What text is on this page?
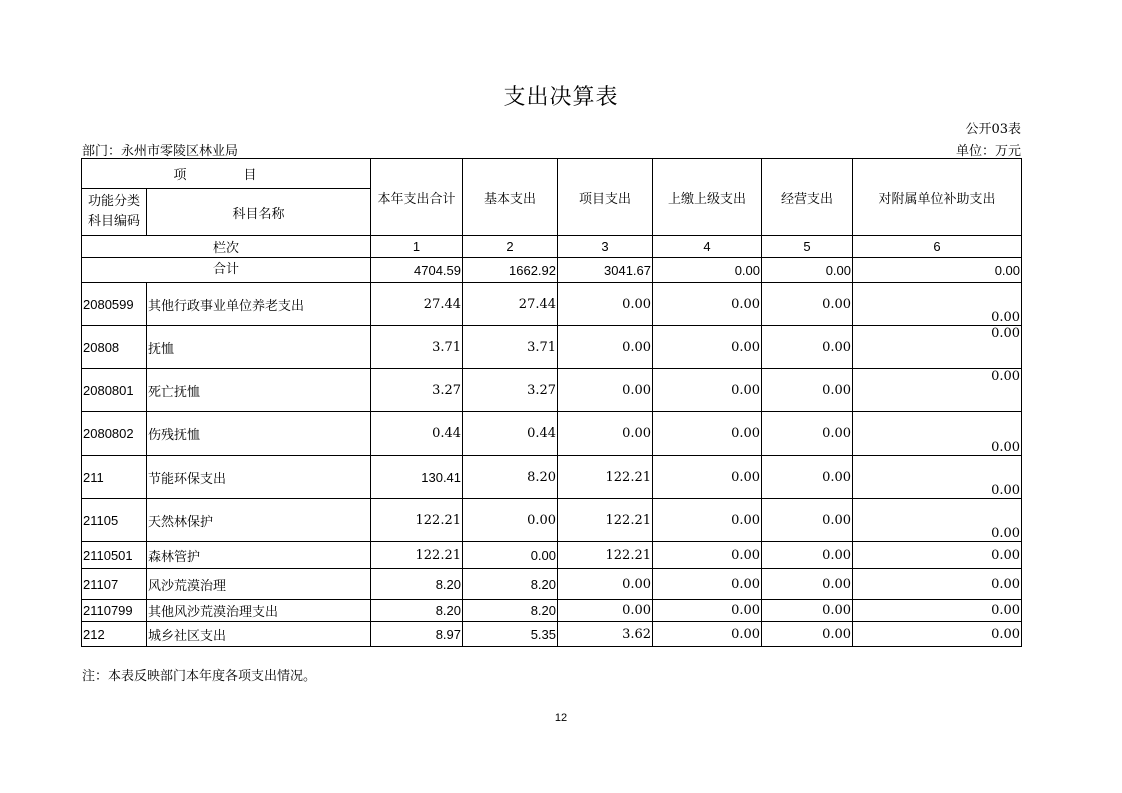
支出决算表
公开03表
部门：永州市零陵区林业局	单位：万元
项　目		本年支出合计	基本支出	项目支出	上缴上级支出	经营支出	对附属单位补助支出
功能分类科目编码	科目名称						
栏次		1	2	3	4	5	6
合计		4704.59	1662.92	3041.67	0.00	0.00	0.00
2080599	其他行政事业单位养老支出	27.44	27.44	0.00	0.00	0.00	0.00
20808	抚恤	3.71	3.71	0.00	0.00	0.00	0.00
2080801	死亡抚恤	3.27	3.27	0.00	0.00	0.00	0.00
2080802	伤残抚恤	0.44	0.44	0.00	0.00	0.00	0.00
211	节能环保支出	130.41	8.20	122.21	0.00	0.00	0.00
21105	天然林保护	122.21	0.00	122.21	0.00	0.00	0.00
2110501	森林管护	122.21	0.00	122.21	0.00	0.00	0.00
21107	风沙荒漠治理	8.20	8.20	0.00	0.00	0.00	0.00
2110799	其他风沙荒漠治理支出	8.20	8.20	0.00	0.00	0.00	0.00
212	城乡社区支出	8.97	5.35	3.62	0.00	0.00	0.00
注：本表反映部门本年度各项支出情况。
12
